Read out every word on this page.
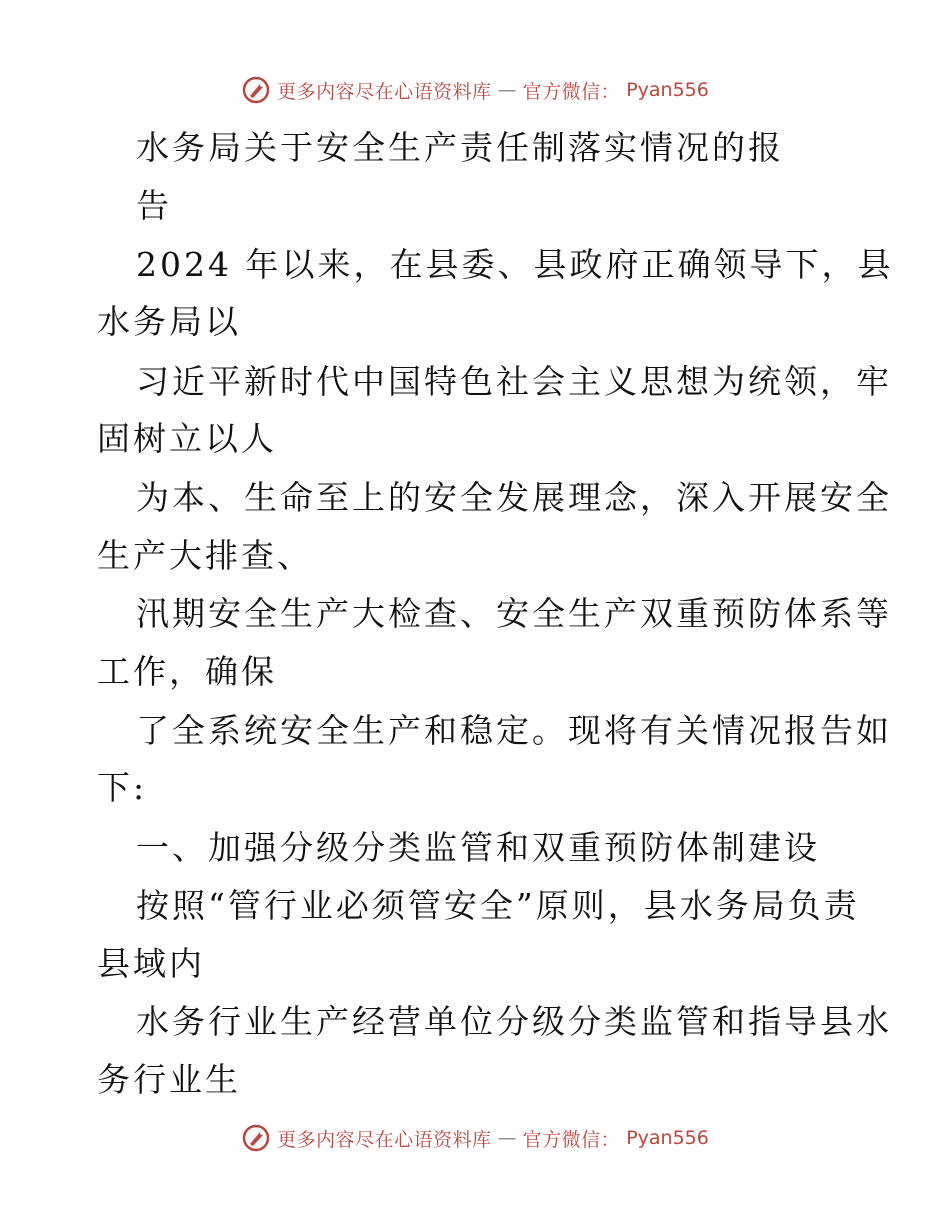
更多内容尽在心语资料库 — 官方微信： Pyan556
水务局关于安全生产责任制落实情况的报
告
2024 年以来，在县委、县政府正确领导下，县
水务局以
习近平新时代中国特色社会主义思想为统领，牢
固树立以人
为本、生命至上的安全发展理念，深入开展安全
生产大排查、
汛期安全生产大检查、安全生产双重预防体系等
工作，确保
了全系统安全生产和稳定。现将有关情况报告如
下:
一、加强分级分类监管和双重预防体制建设
按照“管行业必须管安全”原则，县水务局负责
县域内
水务行业生产经营单位分级分类监管和指导县水
务行业生
更多内容尽在心语资料库 — 官方微信： Pyan556
